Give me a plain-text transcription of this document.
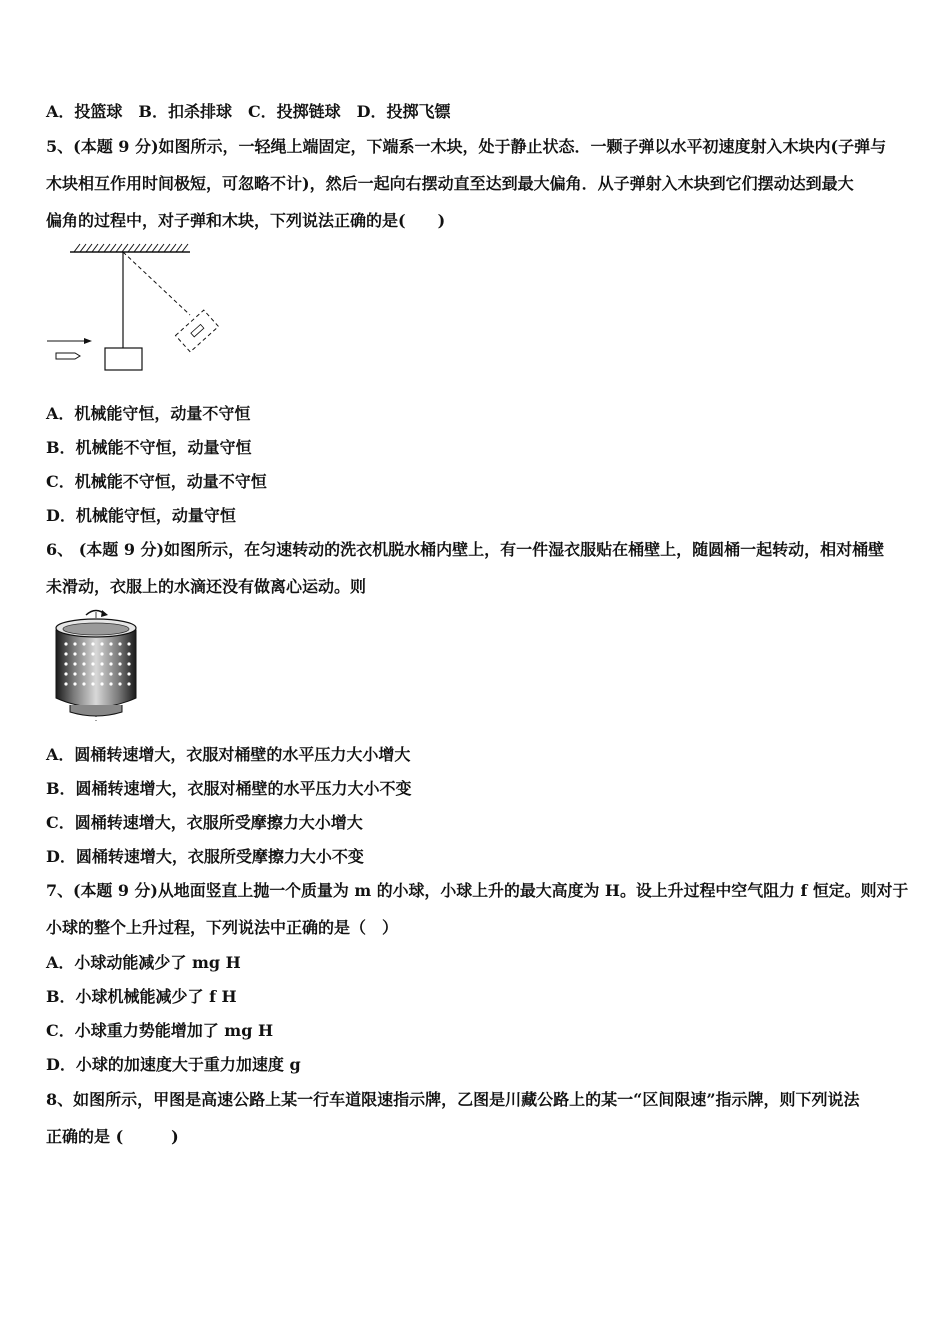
A．投篮球　B．扣杀排球　C．投掷链球　D．投掷飞镖
5、(本题 9 分)如图所示，一轻绳上端固定，下端系一木块，处于静止状态．一颗子弹以水平初速度射入木块内(子弹与
木块相互作用时间极短，可忽略不计)，然后一起向右摆动直至达到最大偏角．从子弹射入木块到它们摆动达到最大
偏角的过程中，对子弹和木块，下列说法正确的是(　　)
A．机械能守恒，动量不守恒
B．机械能不守恒，动量守恒
C．机械能不守恒，动量不守恒
D．机械能守恒，动量守恒
6、 (本题 9 分)如图所示，在匀速转动的洗衣机脱水桶内壁上，有一件湿衣服贴在桶壁上，随圆桶一起转动，相对桶壁
未滑动，衣服上的水滴还没有做离心运动。则
A．圆桶转速增大，衣服对桶壁的水平压力大小增大
B．圆桶转速增大，衣服对桶壁的水平压力大小不变
C．圆桶转速增大，衣服所受摩擦力大小增大
D．圆桶转速增大，衣服所受摩擦力大小不变
7、(本题 9 分)从地面竖直上抛一个质量为 m 的小球，小球上升的最大高度为 H。设上升过程中空气阻力 f 恒定。则对于
小球的整个上升过程，下列说法中正确的是（　）
A．小球动能减少了 mg H
B．小球机械能减少了 f H
C．小球重力势能增加了 mg H
D．小球的加速度大于重力加速度 g
8、如图所示，甲图是高速公路上某一行车道限速指示牌，乙图是川藏公路上的某一“区间限速”指示牌，则下列说法
正确的是 (　　　)
